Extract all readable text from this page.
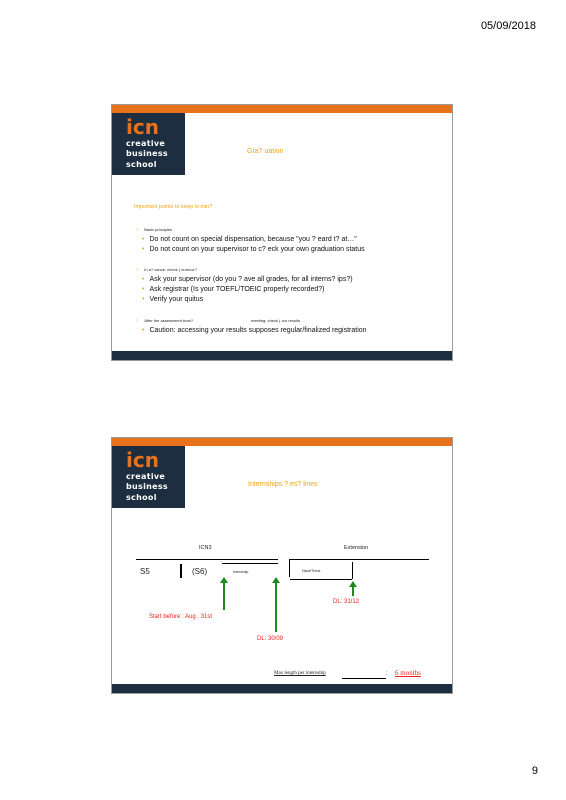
05/09/2018
icn
creative
business
school
Gra? uation
Important points to keep in min?
? Basic principles
• Do not count on special dispensation, because "you ? eard t? at…"
• Do not count on your supervisor to c? eck your own graduation status
? In a? vance: check ( ourecor?
• Ask your supervisor (do you ? ave all grades, for all interns? ips?)
• Ask registrar (Is your TOEFL/TOEIC properly recorded?)
• Verify your quitus
? After the assessment boar?	meeting: check ( our results
• Caution: accessing your results supposes regular/finalized registration
icn
creative
business
school
Internships ? es? lines
ICN3	Extension
S5	(S6)	Internship	Hand/Trend
DL: 31/12
Start before : Aug . 31st
DL: 30/09
Max length per internship	: 6 months
9
